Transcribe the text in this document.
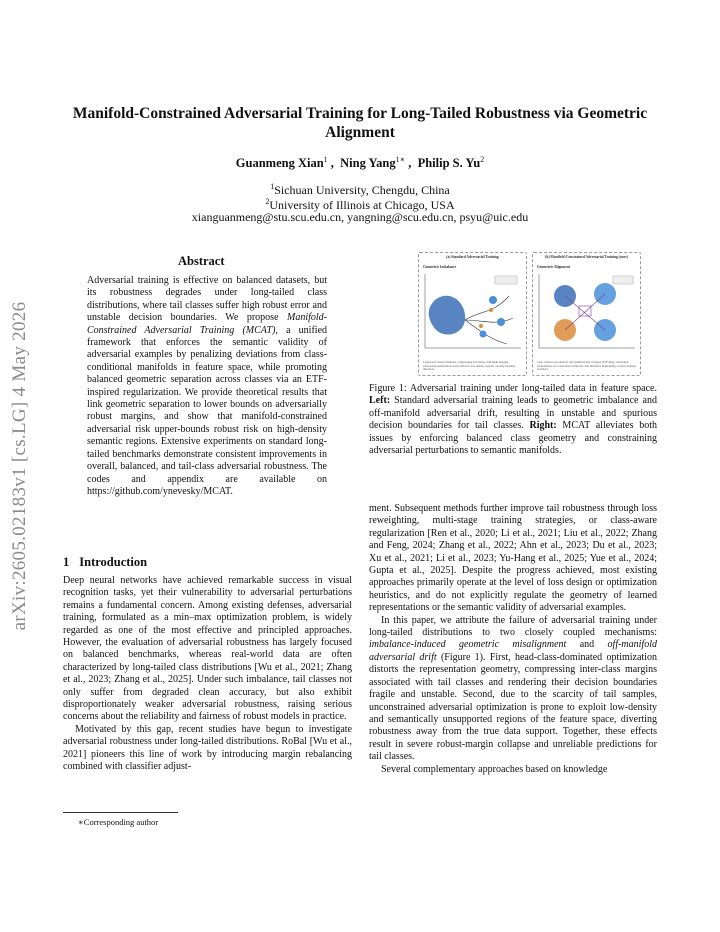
arXiv:2605.02183v1 [cs.LG] 4 May 2026
Manifold-Constrained Adversarial Training for Long-Tailed Robustness via Geometric Alignment
Guanmeng Xian$^1$ ,  Ning Yang$^{1∗}$ ,  Philip S. Yu$^2$
$^1$Sichuan University, Chengdu, China
$^2$University of Illinois at Chicago, USA
xianguanmeng@stu.scu.edu.cn, yangning@scu.edu.cn, psyu@uic.edu
Abstract
Adversarial training is effective on balanced datasets, but its robustness degrades under long-tailed class distributions, where tail classes suffer high robust error and unstable decision boundaries. We propose Manifold-Constrained Adversarial Training (MCAT), a unified framework that enforces the semantic validity of adversarial examples by penalizing deviations from class-conditional manifolds in feature space, while promoting balanced geometric separation across classes via an ETF-inspired regularization. We provide theoretical results that link geometric separation to lower bounds on adversarially robust margins, and show that manifold-constrained adversarial risk upper-bounds robust risk on high-density semantic regions. Extensive experiments on standard long-tailed benchmarks demonstrate consistent improvements in overall, balanced, and tail-class adversarial robustness. The codes and appendix are available on https://github.com/ynevesky/MCAT.
1 Introduction

Deep neural networks have achieved remarkable success in visual recognition tasks, yet their vulnerability to adversarial perturbations remains a fundamental concern. Among existing defenses, adversarial training, formulated as a min–max optimization problem, is widely regarded as one of the most effective and principled approaches. However, the evaluation of adversarial robustness has largely focused on balanced benchmarks, whereas real-world data are often characterized by long-tailed class distributions [Wu et al., 2021; Zhang et al., 2023; Zhang et al., 2025]. Under such imbalance, tail classes not only suffer from degraded clean accuracy, but also exhibit disproportionately weaker adversarial robustness, raising serious concerns about the reliability and fairness of robust models in practice.

Motivated by this gap, recent studies have begun to investigate adversarial robustness under long-tailed distributions. RoBal [Wu et al., 2021] pioneers this line of work by introducing margin rebalancing combined with classifier adjust-

∗Corresponding author
(a) Standard Adversarial Training
Geometric Imbalance
Large head classes dominate, compressing tail classes with small margins; adversarial perturbations easily drift into low-density regions, causing boundary distortion.
(b) Manifold-Constrained Adversarial Training (ours)
Geometric Alignment
Class clusters are balanced and symmetrically arranged (ETF-like); adversarial perturbations are constrained within the class manifold, maintaining a robust decision boundary.
Figure 1: Adversarial training under long-tailed data in feature space. Left: Standard adversarial training leads to geometric imbalance and off-manifold adversarial drift, resulting in unstable and spurious decision boundaries for tail classes. Right: MCAT alleviates both issues by enforcing balanced class geometry and constraining adversarial perturbations to semantic manifolds.

ment. Subsequent methods further improve tail robustness through loss reweighting, multi-stage training strategies, or class-aware regularization [Ren et al., 2020; Li et al., 2021; Liu et al., 2022; Zhang and Feng, 2024; Zhang et al., 2022; Ahn et al., 2023; Du et al., 2023; Xu et al., 2021; Li et al., 2023; Yu-Hang et al., 2025; Yue et al., 2024; Gupta et al., 2025]. Despite the progress achieved, most existing approaches primarily operate at the level of loss design or optimization heuristics, and do not explicitly regulate the geometry of learned representations or the semantic validity of adversarial examples.

In this paper, we attribute the failure of adversarial training under long-tailed distributions to two closely coupled mechanisms: imbalance-induced geometric misalignment and off-manifold adversarial drift (Figure 1). First, head-class-dominated optimization distorts the representation geometry, compressing inter-class margins associated with tail classes and rendering their decision boundaries fragile and unstable. Second, due to the scarcity of tail samples, unconstrained adversarial optimization is prone to exploit low-density and semantically unsupported regions of the feature space, diverting robustness away from the true data support. Together, these effects result in severe robust-margin collapse and unreliable predictions for tail classes.

Several complementary approaches based on knowledge
